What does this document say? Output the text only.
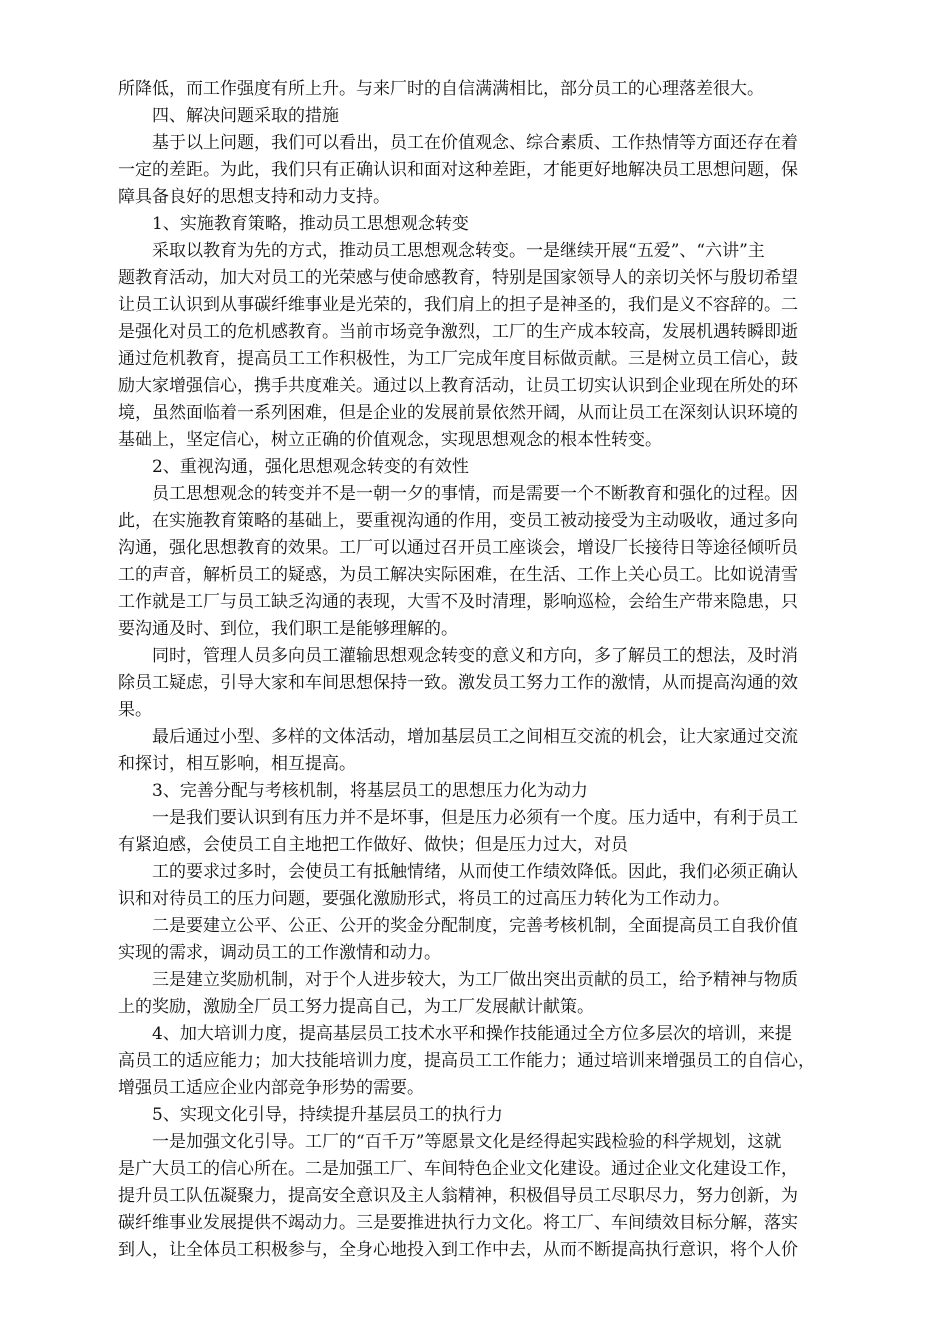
所降低，而工作强度有所上升。与来厂时的自信满满相比，部分员工的心理落差很大。
四、解决问题采取的措施
基于以上问题，我们可以看出，员工在价值观念、综合素质、工作热情等方面还存在着
一定的差距。为此，我们只有正确认识和面对这种差距，才能更好地解决员工思想问题，保
障具备良好的思想支持和动力支持。
1、实施教育策略，推动员工思想观念转变
采取以教育为先的方式，推动员工思想观念转变。一是继续开展“五爱”、“六讲”主
题教育活动，加大对员工的光荣感与使命感教育，特别是国家领导人的亲切关怀与殷切希望
让员工认识到从事碳纤维事业是光荣的，我们肩上的担子是神圣的，我们是义不容辞的。二
是强化对员工的危机感教育。当前市场竞争激烈，工厂的生产成本较高，发展机遇转瞬即逝
通过危机教育，提高员工工作积极性，为工厂完成年度目标做贡献。三是树立员工信心，鼓
励大家增强信心，携手共度难关。通过以上教育活动，让员工切实认识到企业现在所处的环
境，虽然面临着一系列困难，但是企业的发展前景依然开阔，从而让员工在深刻认识环境的
基础上，坚定信心，树立正确的价值观念，实现思想观念的根本性转变。
2、重视沟通，强化思想观念转变的有效性
员工思想观念的转变并不是一朝一夕的事情，而是需要一个不断教育和强化的过程。因
此，在实施教育策略的基础上，要重视沟通的作用，变员工被动接受为主动吸收，通过多向
沟通，强化思想教育的效果。工厂可以通过召开员工座谈会，增设厂长接待日等途径倾听员
工的声音，解析员工的疑惑，为员工解决实际困难，在生活、工作上关心员工。比如说清雪
工作就是工厂与员工缺乏沟通的表现，大雪不及时清理，影响巡检，会给生产带来隐患，只
要沟通及时、到位，我们职工是能够理解的。
同时，管理人员多向员工灌输思想观念转变的意义和方向，多了解员工的想法，及时消
除员工疑虑，引导大家和车间思想保持一致。激发员工努力工作的激情，从而提高沟通的效
果。
最后通过小型、多样的文体活动，增加基层员工之间相互交流的机会，让大家通过交流
和探讨，相互影响，相互提高。
3、完善分配与考核机制，将基层员工的思想压力化为动力
一是我们要认识到有压力并不是坏事，但是压力必须有一个度。压力适中，有利于员工
有紧迫感，会使员工自主地把工作做好、做快；但是压力过大，对员
工的要求过多时，会使员工有抵触情绪，从而使工作绩效降低。因此，我们必须正确认
识和对待员工的压力问题，要强化激励形式，将员工的过高压力转化为工作动力。
二是要建立公平、公正、公开的奖金分配制度，完善考核机制，全面提高员工自我价值
实现的需求，调动员工的工作激情和动力。
三是建立奖励机制，对于个人进步较大，为工厂做出突出贡献的员工，给予精神与物质
上的奖励，激励全厂员工努力提高自己，为工厂发展献计献策。
4、加大培训力度，提高基层员工技术水平和操作技能通过全方位多层次的培训，来提
高员工的适应能力；加大技能培训力度，提高员工工作能力；通过培训来增强员工的自信心，
增强员工适应企业内部竞争形势的需要。
5、实现文化引导，持续提升基层员工的执行力
一是加强文化引导。工厂的“百千万”等愿景文化是经得起实践检验的科学规划，这就
是广大员工的信心所在。二是加强工厂、车间特色企业文化建设。通过企业文化建设工作，
提升员工队伍凝聚力，提高安全意识及主人翁精神，积极倡导员工尽职尽力，努力创新，为
碳纤维事业发展提供不竭动力。三是要推进执行力文化。将工厂、车间绩效目标分解，落实
到人，让全体员工积极参与，全身心地投入到工作中去，从而不断提高执行意识，将个人价
